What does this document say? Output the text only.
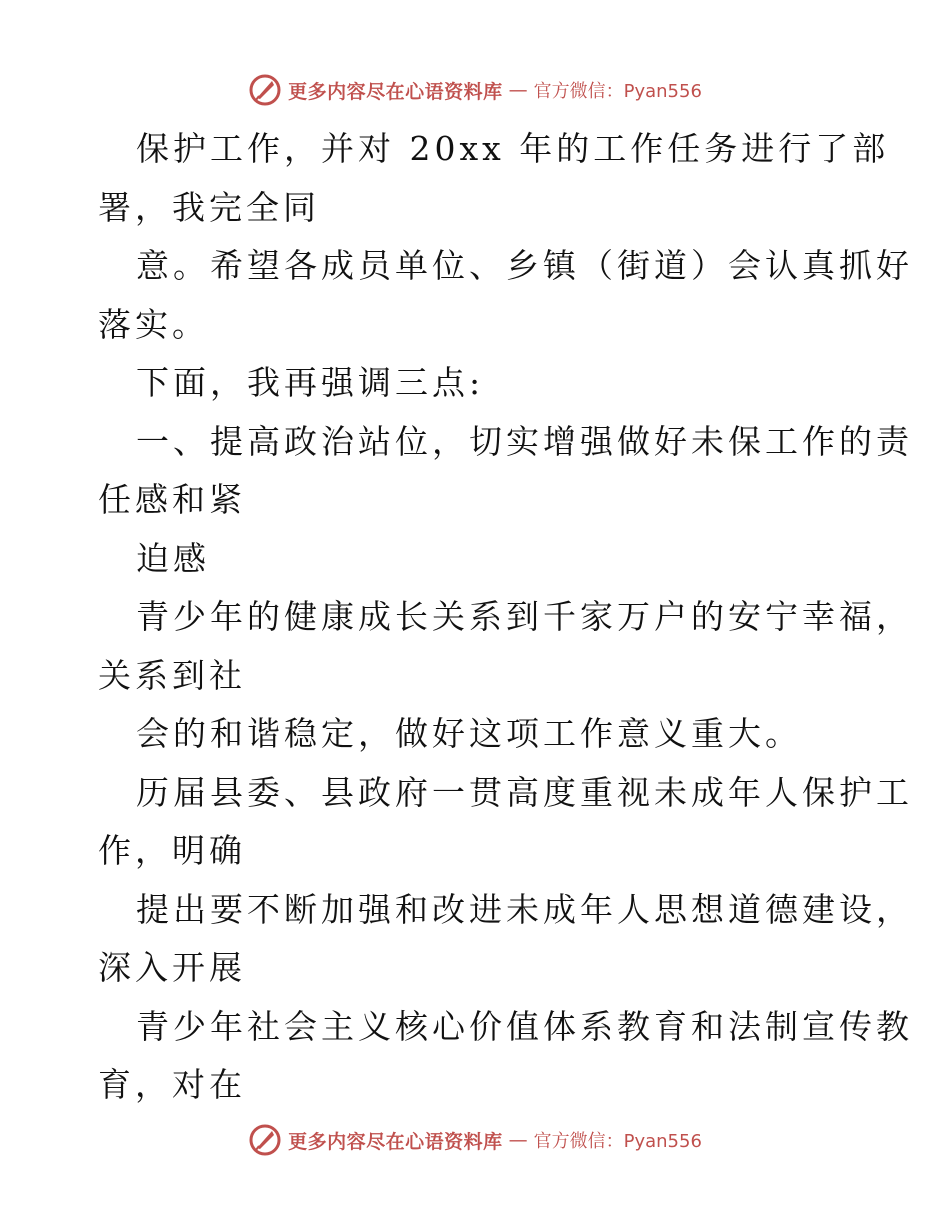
更多内容尽在心语资料库 — 官方微信：Pyan556
保护工作，并对 20xx 年的工作任务进行了部
署，我完全同
意。希望各成员单位、乡镇（街道）会认真抓好
落实。
下面，我再强调三点:
一、提高政治站位，切实增强做好未保工作的责
任感和紧
迫感
青少年的健康成长关系到千家万户的安宁幸福，
关系到社
会的和谐稳定，做好这项工作意义重大。
历届县委、县政府一贯高度重视未成年人保护工
作，明确
提出要不断加强和改进未成年人思想道德建设，
深入开展
青少年社会主义核心价值体系教育和法制宣传教
育，对在
更多内容尽在心语资料库 — 官方微信：Pyan556
